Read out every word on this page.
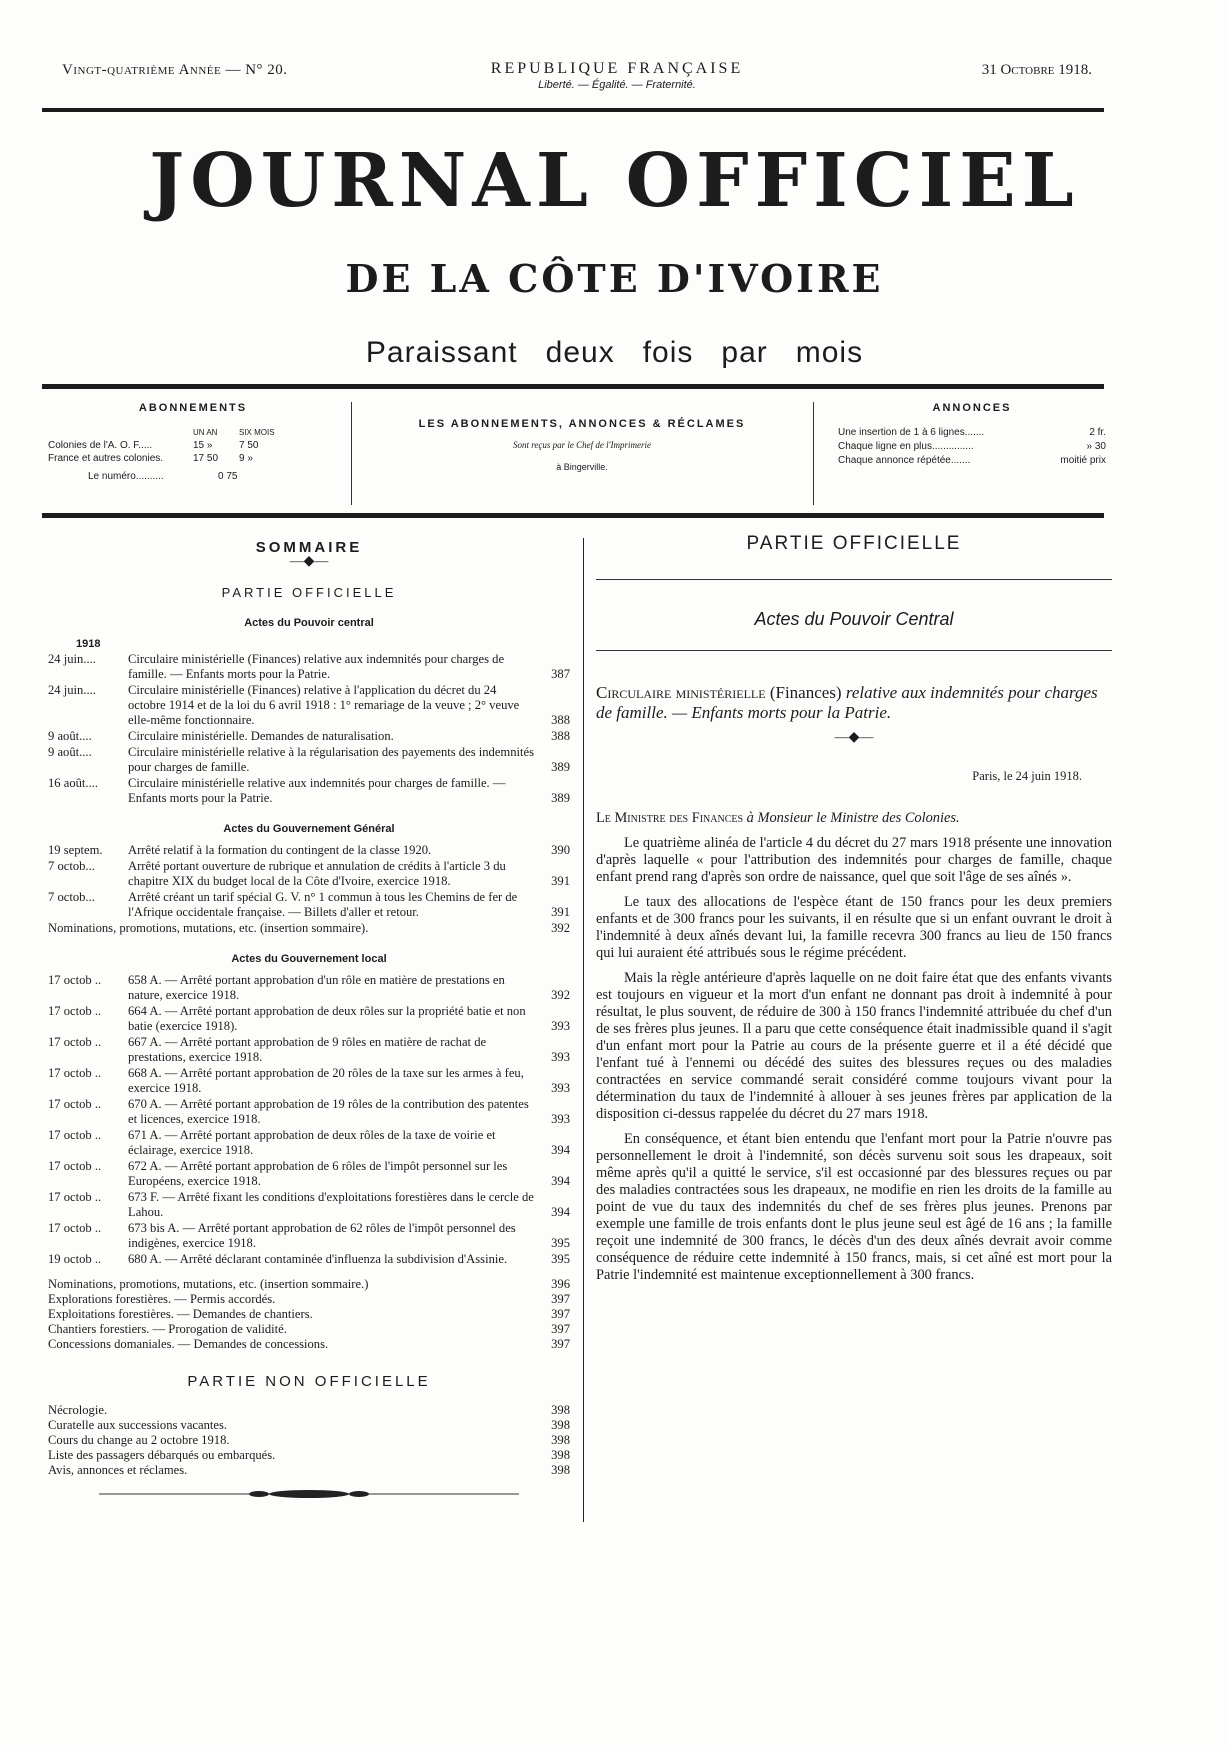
Vingt-quatrième Année — N° 20.	REPUBLIQUE FRANÇAISE
Liberté. — Égalité. — Fraternité.
31 Octobre 1918.
JOURNAL OFFICIEL
DE LA CÔTE D'IVOIRE
Paraissant deux fois par mois
ABONNEMENTS
UN AN	SIX MOIS
Colonies de l'A. O. F.....	15 »	7 50
France et autres colonies.	17 50	9 »
Le numéro..........	0 75
LES ABONNEMENTS, ANNONCES & RÉCLAMES
Sont reçus par le Chef de l'Imprimerie
à Bingerville.
ANNONCES
Une insertion de 1 à 6 lignes.......	2 fr.
Chaque ligne en plus...............	» 30
Chaque annonce répétée.......	moitié prix
SOMMAIRE
—◆—
PARTIE OFFICIELLE
Actes du Pouvoir central
1918
24 juin....	Circulaire ministérielle (Finances) relative aux indemnités pour charges de famille. — Enfants morts pour la Patrie.	387
24 juin....	Circulaire ministérielle (Finances) relative à l'application du décret du 24 octobre 1914 et de la loi du 6 avril 1918 : 1° remariage de la veuve ; 2° veuve elle-même fonctionnaire.	388
9 août....	Circulaire ministérielle. Demandes de naturalisation.	388
9 août....	Circulaire ministérielle relative à la régularisation des payements des indemnités pour charges de famille.	389
16 août....	Circulaire ministérielle relative aux indemnités pour charges de famille. — Enfants morts pour la Patrie.	389
Actes du Gouvernement Général
19 septem.	Arrêté relatif à la formation du contingent de la classe 1920.	390
7 octob...	Arrêté portant ouverture de rubrique et annulation de crédits à l'article 3 du chapitre XIX du budget local de la Côte d'Ivoire, exercice 1918.	391
7 octob...	Arrêté créant un tarif spécial G. V. n° 1 commun à tous les Chemins de fer de l'Afrique occidentale française. — Billets d'aller et retour.	391
Nominations, promotions, mutations, etc. (insertion sommaire).	392
Actes du Gouvernement local
17 octob ..	658 A. — Arrêté portant approbation d'un rôle en matière de prestations en nature, exercice 1918.	392
17 octob ..	664 A. — Arrêté portant approbation de deux rôles sur la propriété batie et non batie (exercice 1918).	393
17 octob ..	667 A. — Arrêté portant approbation de 9 rôles en matière de rachat de prestations, exercice 1918.	393
17 octob ..	668 A. — Arrêté portant approbation de 20 rôles de la taxe sur les armes à feu, exercice 1918.	393
17 octob ..	670 A. — Arrêté portant approbation de 19 rôles de la contribution des patentes et licences, exercice 1918.	393
17 octob ..	671 A. — Arrêté portant approbation de deux rôles de la taxe de voirie et éclairage, exercice 1918.	394
17 octob ..	672 A. — Arrêté portant approbation de 6 rôles de l'impôt personnel sur les Européens, exercice 1918.	394
17 octob ..	673 F. — Arrêté fixant les conditions d'exploitations forestières dans le cercle de Lahou.	394
17 octob ..	673 bis A. — Arrêté portant approbation de 62 rôles de l'impôt personnel des indigènes, exercice 1918.	395
19 octob ..	680 A. — Arrêté déclarant contaminée d'influenza la subdivision d'Assinie.	395
Nominations, promotions, mutations, etc. (insertion sommaire.)	396
Explorations forestières. — Permis accordés.	397
Exploitations forestières. — Demandes de chantiers.	397
Chantiers forestiers. — Prorogation de validité.	397
Concessions domaniales. — Demandes de concessions.	397
PARTIE NON OFFICIELLE
Nécrologie.	398
Curatelle aux successions vacantes.	398
Cours du change au 2 octobre 1918.	398
Liste des passagers débarqués ou embarqués.	398
Avis, annonces et réclames.	398
PARTIE OFFICIELLE
Actes du Pouvoir Central
Circulaire ministérielle (Finances) relative aux indemnités pour charges de famille. — Enfants morts pour la Patrie.
—◆—
Paris, le 24 juin 1918.
Le Ministre des Finances à Monsieur le Ministre des Colonies.

Le quatrième alinéa de l'article 4 du décret du 27 mars 1918 présente une innovation d'après laquelle « pour l'attribution des indemnités pour charges de famille, chaque enfant prend rang d'après son ordre de naissance, quel que soit l'âge de ses aînés ».

Le taux des allocations de l'espèce étant de 150 francs pour les deux premiers enfants et de 300 francs pour les suivants, il en résulte que si un enfant ouvrant le droit à l'indemnité à deux aînés devant lui, la famille recevra 300 francs au lieu de 150 francs qui lui auraient été attribués sous le régime précédent.

Mais la règle antérieure d'après laquelle on ne doit faire état que des enfants vivants est toujours en vigueur et la mort d'un enfant ne donnant pas droit à indemnité à pour résultat, le plus souvent, de réduire de 300 à 150 francs l'indemnité attribuée du chef d'un de ses frères plus jeunes. Il a paru que cette conséquence était inadmissible quand il s'agit d'un enfant mort pour la Patrie au cours de la présente guerre et il a été décidé que l'enfant tué à l'ennemi ou décédé des suites des blessures reçues ou des maladies contractées en service commandé serait considéré comme toujours vivant pour la détermination du taux de l'indemnité à allouer à ses jeunes frères par application de la disposition ci-dessus rappelée du décret du 27 mars 1918.

En conséquence, et étant bien entendu que l'enfant mort pour la Patrie n'ouvre pas personnellement le droit à l'indemnité, son décès survenu soit sous les drapeaux, soit même après qu'il a quitté le service, s'il est occasionné par des blessures reçues ou par des maladies contractées sous les drapeaux, ne modifie en rien les droits de la famille au point de vue du taux des indemnités du chef de ses frères plus jeunes. Prenons par exemple une famille de trois enfants dont le plus jeune seul est âgé de 16 ans ; la famille reçoit une indemnité de 300 francs, le décès d'un des deux aînés devrait avoir comme conséquence de réduire cette indemnité à 150 francs, mais, si cet aîné est mort pour la Patrie l'indemnité est maintenue exceptionnellement à 300 francs.
